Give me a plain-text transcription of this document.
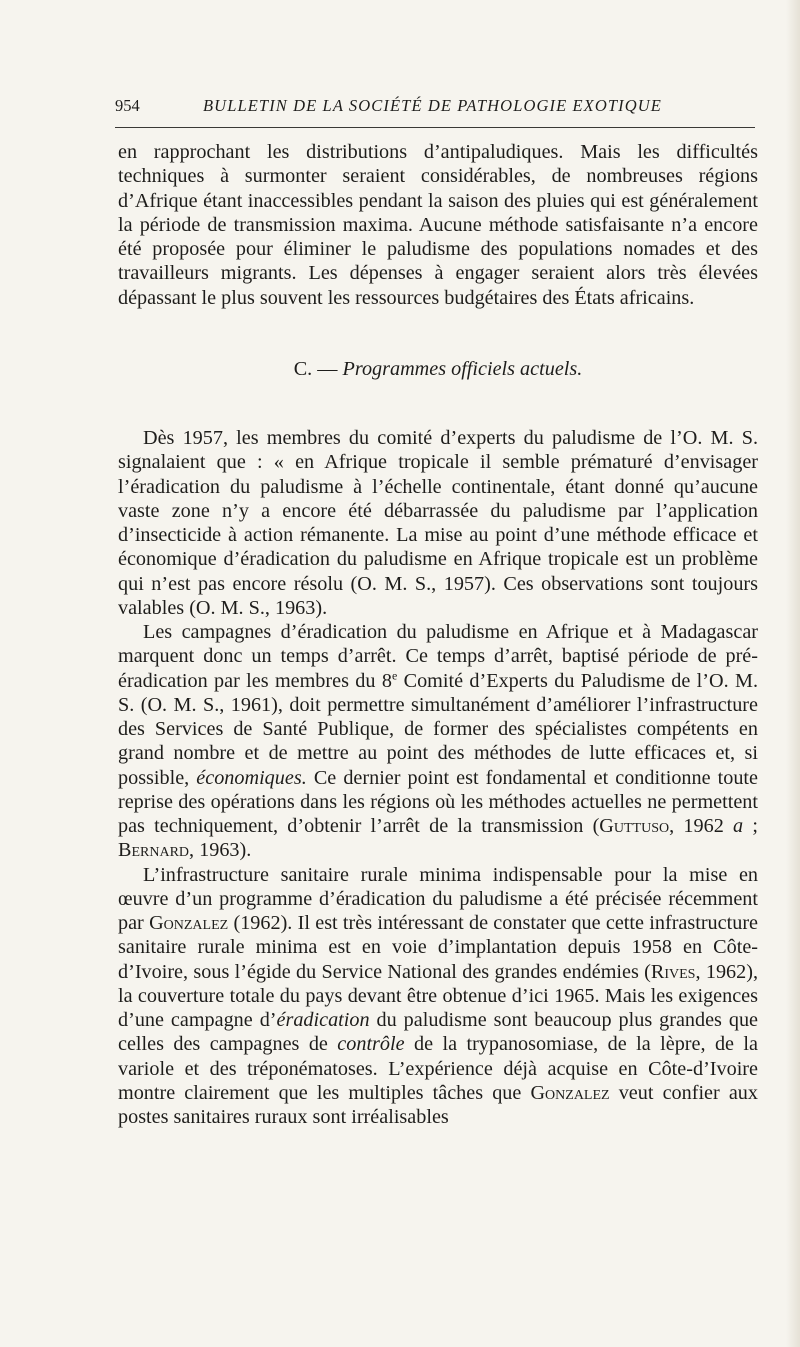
954	BULLETIN DE LA SOCIÉTÉ DE PATHOLOGIE EXOTIQUE

en rapprochant les distributions d’antipaludiques. Mais les difficultés techniques à surmonter seraient considérables, de nombreuses régions d’Afrique étant inaccessibles pendant la saison des pluies qui est généralement la période de transmission maxima. Aucune méthode satisfaisante n’a encore été proposée pour éliminer le paludisme des populations nomades et des travailleurs migrants. Les dépenses à engager seraient alors très élevées dépassant le plus souvent les ressources budgétaires des États africains.

C. — Programmes officiels actuels.

Dès 1957, les membres du comité d’experts du paludisme de l’O. M. S. signalaient que : « en Afrique tropicale il semble prématuré d’envisager l’éradication du paludisme à l’échelle continentale, étant donné qu’aucune vaste zone n’y a encore été débarrassée du paludisme par l’application d’insecticide à action rémanente. La mise au point d’une méthode efficace et économique d’éradication du paludisme en Afrique tropicale est un problème qui n’est pas encore résolu (O. M. S., 1957). Ces observations sont toujours valables (O. M. S., 1963).

Les campagnes d’éradication du paludisme en Afrique et à Madagascar marquent donc un temps d’arrêt. Ce temps d’arrêt, baptisé période de pré-éradication par les membres du 8e Comité d’Experts du Paludisme de l’O. M. S. (O. M. S., 1961), doit permettre simultanément d’améliorer l’infrastructure des Services de Santé Publique, de former des spécialistes compétents en grand nombre et de mettre au point des méthodes de lutte efficaces et, si possible, économiques. Ce dernier point est fondamental et conditionne toute reprise des opérations dans les régions où les méthodes actuelles ne permettent pas techniquement, d’obtenir l’arrêt de la transmission (Guttuso, 1962 a ; Bernard, 1963).

L’infrastructure sanitaire rurale minima indispensable pour la mise en œuvre d’un programme d’éradication du paludisme a été précisée récemment par Gonzalez (1962). Il est très intéressant de constater que cette infrastructure sanitaire rurale minima est en voie d’implantation depuis 1958 en Côte-d’Ivoire, sous l’égide du Service National des grandes endémies (Rives, 1962), la couverture totale du pays devant être obtenue d’ici 1965. Mais les exigences d’une campagne d’éradication du paludisme sont beaucoup plus grandes que celles des campagnes de contrôle de la trypanosomiase, de la lèpre, de la variole et des tréponématoses. L’expérience déjà acquise en Côte-d’Ivoire montre clairement que les multiples tâches que Gonzalez veut confier aux postes sanitaires ruraux sont irréalisables
